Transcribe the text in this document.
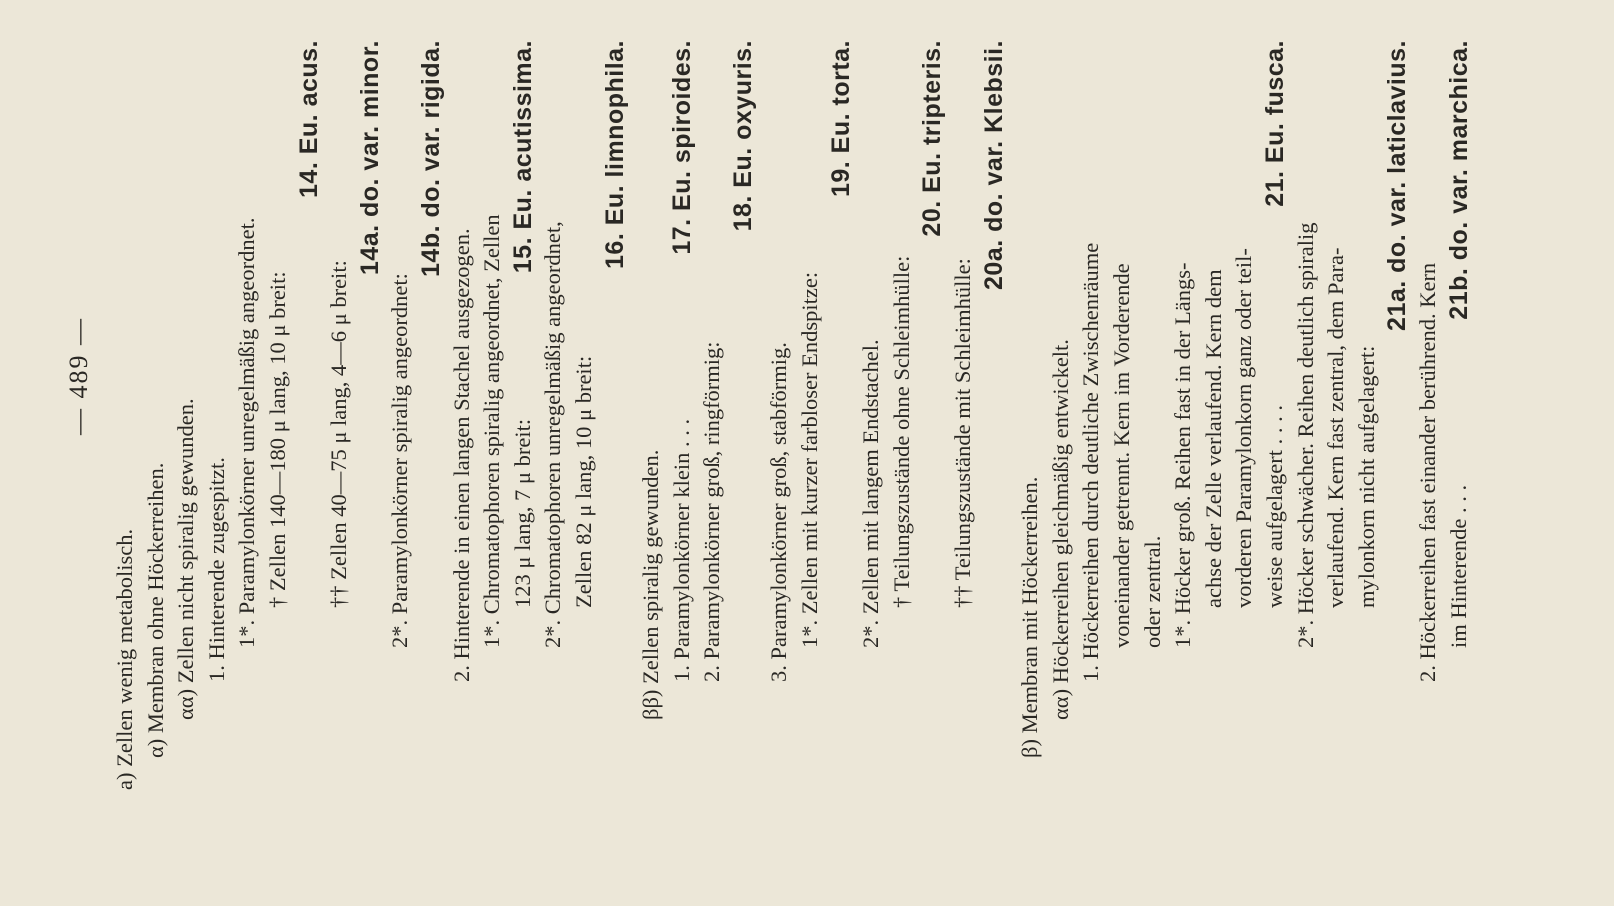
— 489 —
a) Zellen wenig metabolisch. α) Membran ohne Höckerreihen. αα) Zellen nicht spiralig gewunden. 1. Hinterende zugespitzt. 1*. Paramylonkörner unregelmäßig angeordnet. † Zellen 140—180 μ lang, 10 μ breit:
14. Eu. acus.
†† Zellen 40—75 μ lang, 4—6 μ breit:
14a. do. var. minor.
2*. Paramylonkörner spiralig angeordnet:
14b. do. var. rigida.
2. Hinterende in einen langen Stachel ausgezogen. 1*. Chromatophoren spiralig angeordnet, Zellen 123 μ lang, 7 μ breit:
15. Eu. acutissima.
2*. Chromatophoren unregelmäßig angeordnet, Zellen 82 μ lang, 10 μ breit:
16. Eu. limnophila.
ββ) Zellen spiralig gewunden. 1. Paramylonkörner klein . . .
17. Eu. spiroides.
2. Paramylonkörner groß, ringförmig:
18. Eu. oxyuris.
3. Paramylonkörner groß, stabförmig. 1*. Zellen mit kurzer farbloser Endspitze:
19. Eu. torta.
2*. Zellen mit langem Endstachel. † Teilungszustände ohne Schleimhülle:
20. Eu. tripteris.
†† Teilungszustände mit Schleimhülle:
20a. do. var. Klebsii.
β) Membran mit Höckerreihen. αα) Höckerreihen gleichmäßig entwickelt. 1. Höckerreihen durch deutliche Zwischenräume voneinander getrennt. Kern im Vorderende oder zentral. 1*. Höcker groß. Reihen fast in der Längs- achse der Zelle verlaufend. Kern dem vorderen Paramylonkorn ganz oder teil- weise aufgelagert . . . .
21. Eu. fusca.
2*. Höcker schwächer. Reihen deutlich spiralig verlaufend. Kern fast zentral, dem Para- mylonkorn nicht aufgelagert:
21a. do. var. laticlavius.
2. Höckerreihen fast einander berührend. Kern im Hinterende . . .
21b. do. var. marchica.
